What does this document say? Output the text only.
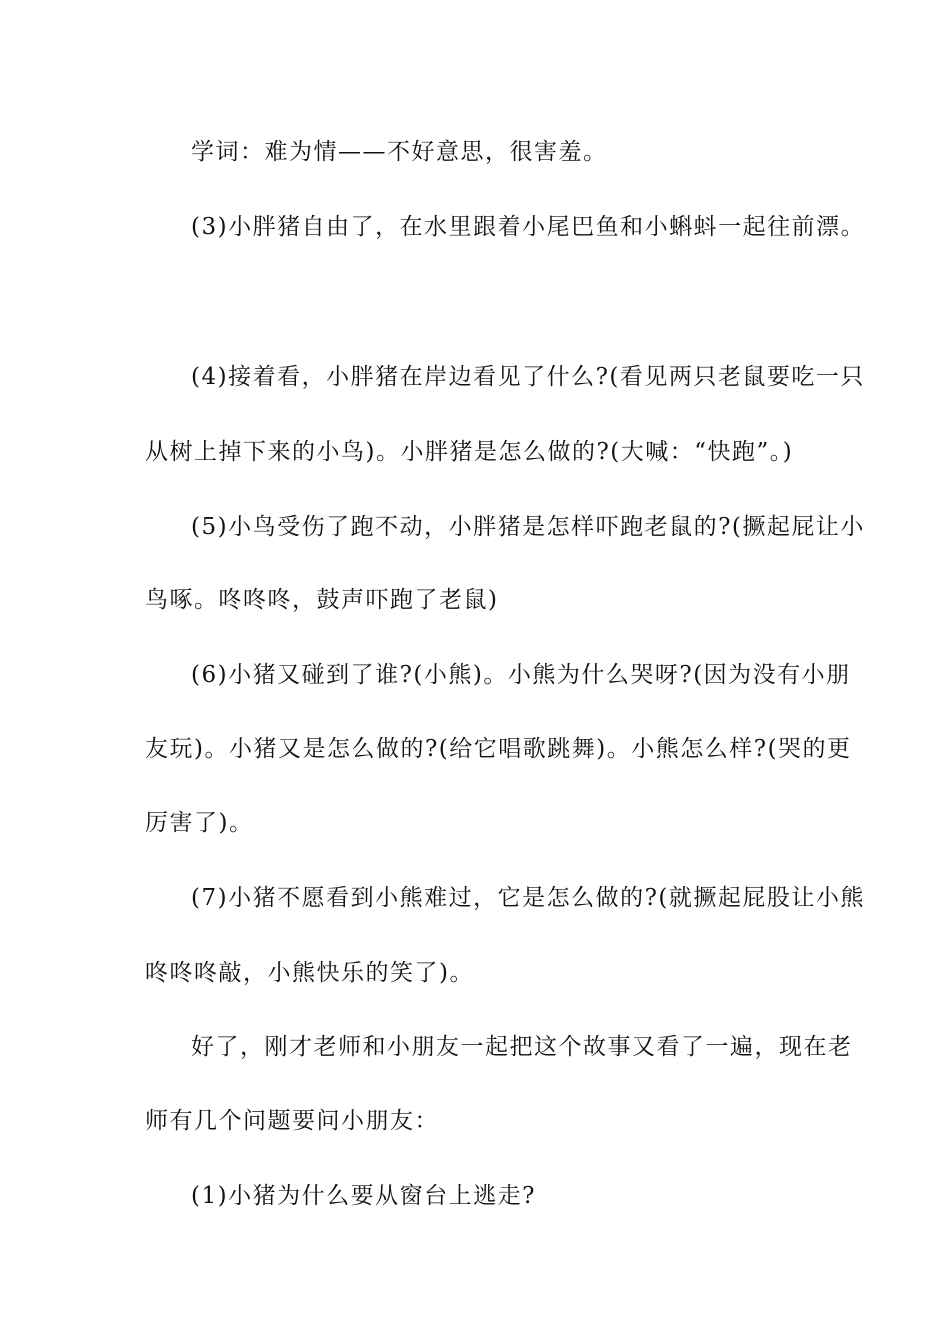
学词：难为情——不好意思，很害羞。
(3)小胖猪自由了，在水里跟着小尾巴鱼和小蝌蚪一起往前漂。
(4)接着看，小胖猪在岸边看见了什么?(看见两只老鼠要吃一只
从树上掉下来的小鸟)。小胖猪是怎么做的?(大喊：“快跑”。)
(5)小鸟受伤了跑不动，小胖猪是怎样吓跑老鼠的?(撅起屁让小
鸟啄。咚咚咚，鼓声吓跑了老鼠)
(6)小猪又碰到了谁?(小熊)。小熊为什么哭呀?(因为没有小朋
友玩)。小猪又是怎么做的?(给它唱歌跳舞)。小熊怎么样?(哭的更
厉害了)。
(7)小猪不愿看到小熊难过，它是怎么做的?(就撅起屁股让小熊
咚咚咚敲，小熊快乐的笑了)。
好了，刚才老师和小朋友一起把这个故事又看了一遍，现在老
师有几个问题要问小朋友：
(1)小猪为什么要从窗台上逃走?
